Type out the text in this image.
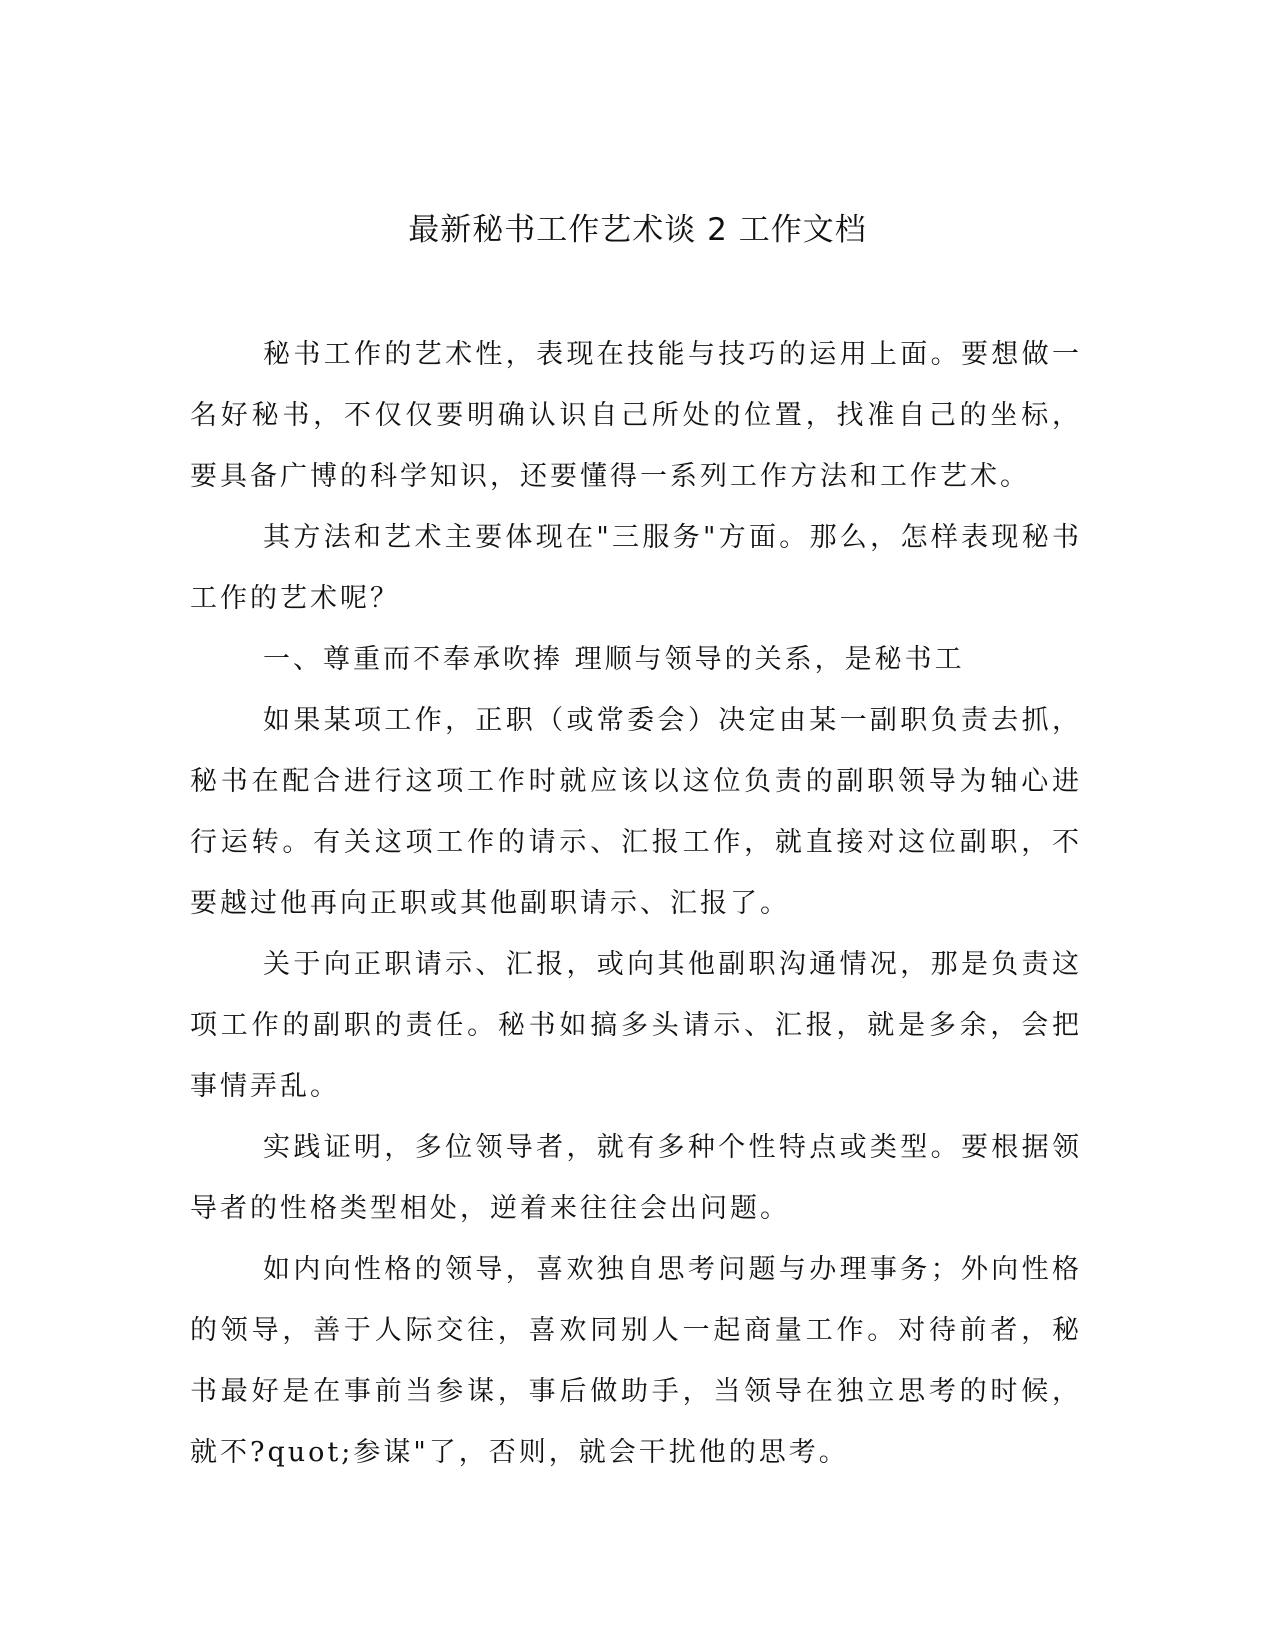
最新秘书工作艺术谈 2 工作文档

秘书工作的艺术性，表现在技能与技巧的运用上面。要想做一名好秘书，不仅仅要明确认识自己所处的位置，找准自己的坐标，要具备广博的科学知识，还要懂得一系列工作方法和工作艺术。

其方法和艺术主要体现在"三服务"方面。那么，怎样表现秘书工作的艺术呢？

一、尊重而不奉承吹捧 理顺与领导的关系，是秘书工

如果某项工作，正职（或常委会）决定由某一副职负责去抓，秘书在配合进行这项工作时就应该以这位负责的副职领导为轴心进行运转。有关这项工作的请示、汇报工作，就直接对这位副职，不要越过他再向正职或其他副职请示、汇报了。

关于向正职请示、汇报，或向其他副职沟通情况，那是负责这项工作的副职的责任。秘书如搞多头请示、汇报，就是多余，会把事情弄乱。

实践证明，多位领导者，就有多种个性特点或类型。要根据领导者的性格类型相处，逆着来往往会出问题。

如内向性格的领导，喜欢独自思考问题与办理事务；外向性格的领导，善于人际交往，喜欢同别人一起商量工作。对待前者，秘书最好是在事前当参谋，事后做助手，当领导在独立思考的时候，就不?quot;参谋"了，否则，就会干扰他的思考。
